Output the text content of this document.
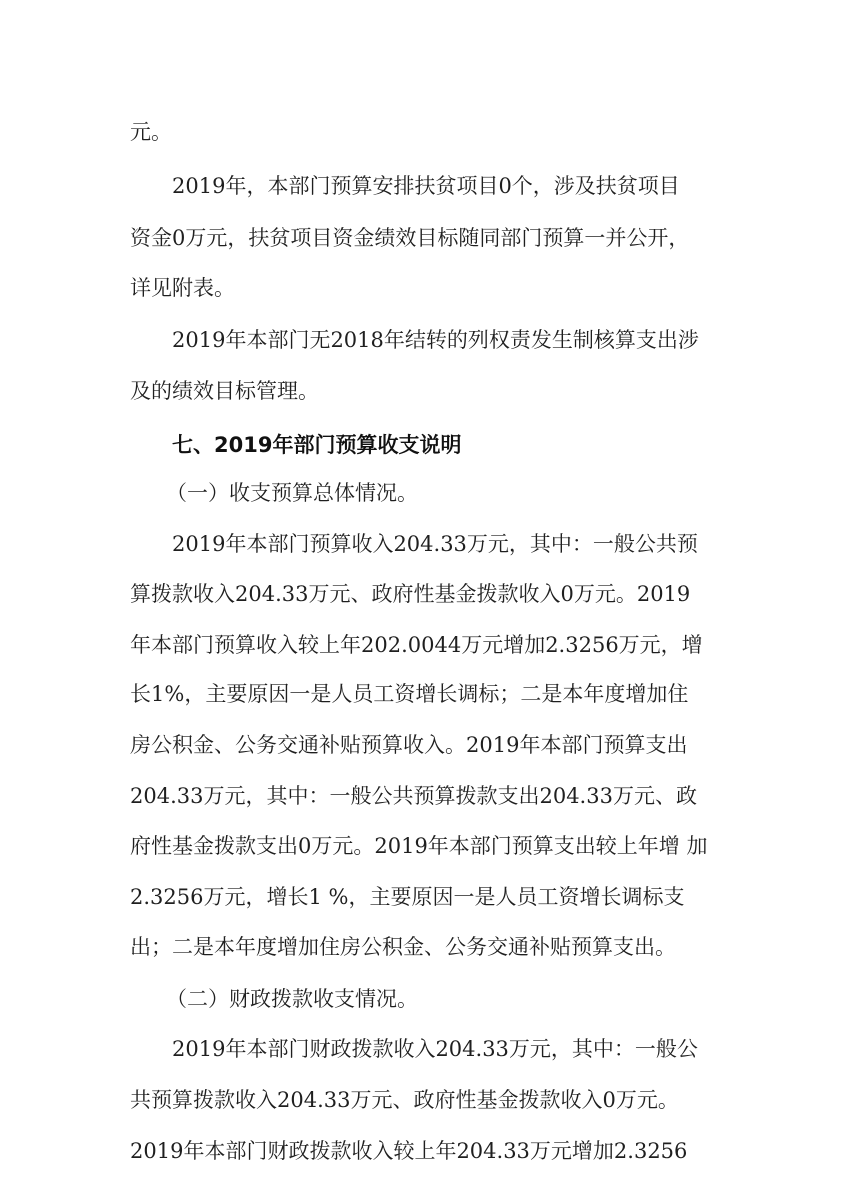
元。
2019年，本部门预算安排扶贫项目0个，涉及扶贫项目
资金0万元，扶贫项目资金绩效目标随同部门预算一并公开，
详见附表。
2019年本部门无2018年结转的列权责发生制核算支出涉
及的绩效目标管理。
七、2019年部门预算收支说明
（一）收支预算总体情况。
2019年本部门预算收入204.33万元，其中：一般公共预
算拨款收入204.33万元、政府性基金拨款收入0万元。2019
年本部门预算收入较上年202.0044万元增加2.3256万元，增
长1%，主要原因一是人员工资增长调标；二是本年度增加住
房公积金、公务交通补贴预算收入。2019年本部门预算支出
204.33万元，其中：一般公共预算拨款支出204.33万元、政
府性基金拨款支出0万元。2019年本部门预算支出较上年增 加
2.3256万元，增长1 %，主要原因一是人员工资增长调标支
出；二是本年度增加住房公积金、公务交通补贴预算支出。
（二）财政拨款收支情况。
2019年本部门财政拨款收入204.33万元，其中：一般公
共预算拨款收入204.33万元、政府性基金拨款收入0万元。
2019年本部门财政拨款收入较上年204.33万元增加2.3256
